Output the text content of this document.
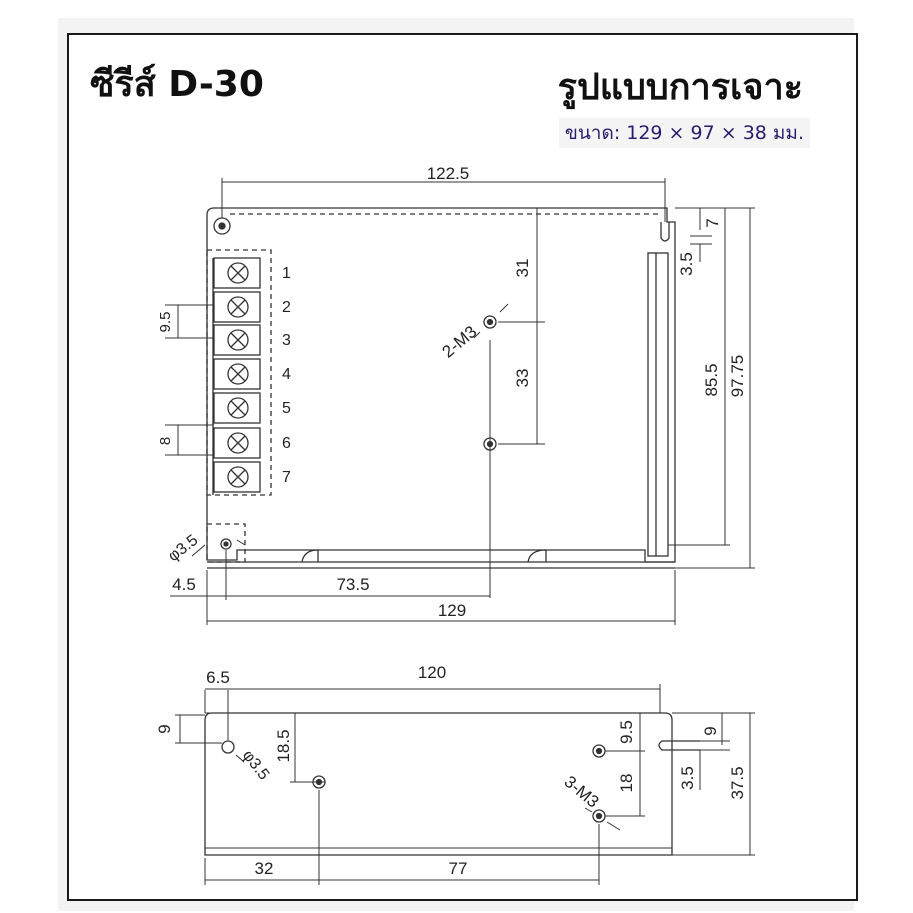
ซีรีส์ D-30	รูปแบบการเจาะ
ขนาด: 129 × 97 × 38 มม.
122.5
31
33
2-M3
7
3.5
85.5 97.75
9.5
8
φ3.5
4.5	73.5
129
1
2
3
4
5
6
7
6.5	120
9
φ3.5
18.5
32	77
9.5
18
3-M3
9
3.5 37.5
